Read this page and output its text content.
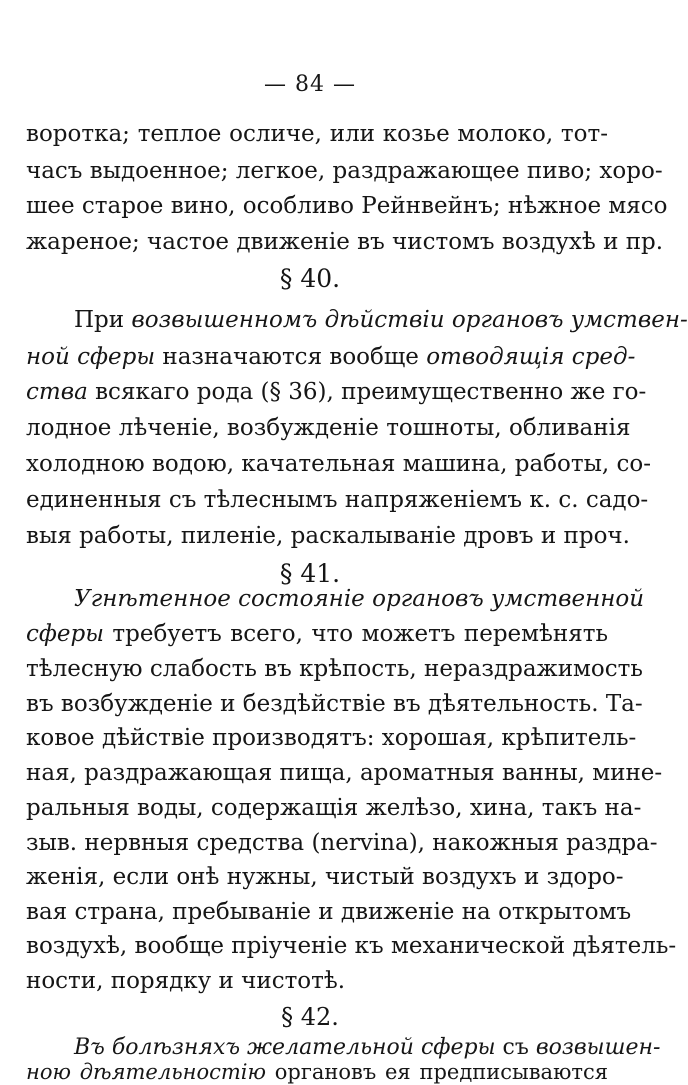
— 84 —
воротка; теплое осличе, или козье молоко, тот-
часъ выдоенное; легкое, раздражающее пиво; хоро-
шее старое вино, особливо Рейнвейнъ; нѣжное мясо
жареное; частое движенiе въ чистомъ воздухѣ и пр.
§ 40.
При возвышенномъ дѣйствiи органовъ умствен-
ной сферы назначаются вообще отводящiя сред-
ства всякаго рода (§ 36), преимущественно же го-
лодное лѣченiе, возбужденiе тошноты, обливанiя
холодною водою, качательная машина, работы, со-
единенныя съ тѣлеснымъ напряженiемъ к. с. садо-
выя работы, пиленiе, раскалыванiе дровъ и проч.
§ 41.
Угнѣтенное состоянiе органовъ умственной
сферы требуетъ всего, что можетъ перемѣнять
тѣлесную слабость въ крѣпость, нераздражимость
въ возбужденiе и бездѣйствiе въ дѣятельность. Та-
ковое дѣйствiе производятъ: хорошая, крѣпитель-
ная, раздражающая пища, ароматныя ванны, мине-
ральныя воды, содержащiя желѣзо, хина, такъ на-
зыв. нервныя средства (nervina), накожныя раздра-
женiя, если онѣ нужны, чистый воздухъ и здоро-
вая страна, пребыванiе и движенiе на открытомъ
воздухѣ, вообще прiученiе къ механической дѣятель-
ности, порядку и чистотѣ.
§ 42.
Въ болѣзняхъ желательной сферы съ возвышен-
ною дѣятельностiю органовъ ея предписываются
